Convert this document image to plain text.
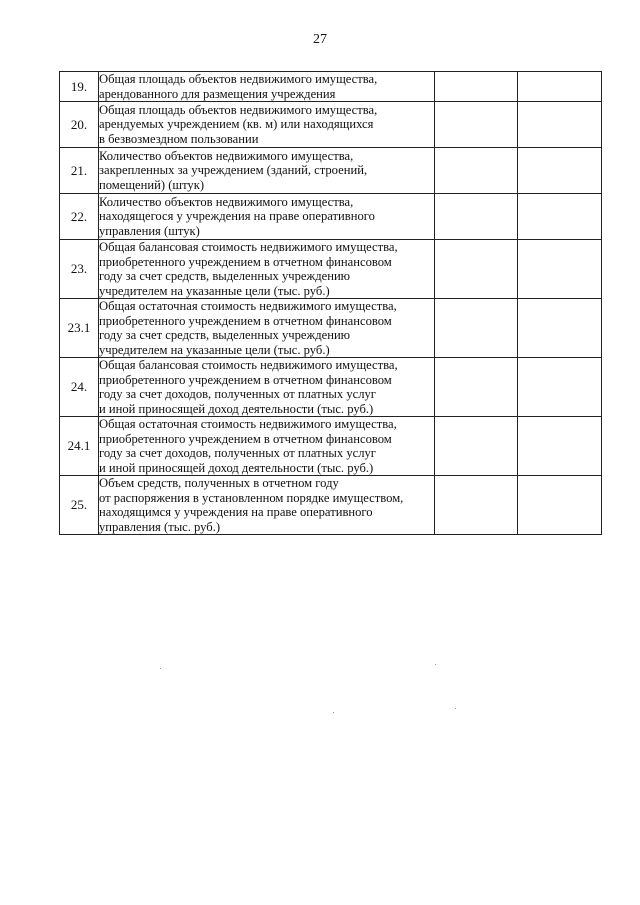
27
19.	Общая площадь объектов недвижимого имущества,
арендованного для размещения учреждения		
20.	Общая площадь объектов недвижимого имущества,
арендуемых учреждением (кв. м) или находящихся
в безвозмездном пользовании		
21.	Количество объектов недвижимого имущества,
закрепленных за учреждением (зданий, строений,
помещений) (штук)		
22.	Количество объектов недвижимого имущества,
находящегося у учреждения на праве оперативного
управления (штук)		
23.	Общая балансовая стоимость недвижимого имущества,
приобретенного учреждением в отчетном финансовом
году за счет средств, выделенных учреждению
учредителем на указанные цели (тыс. руб.)		
23.1	Общая остаточная стоимость недвижимого имущества,
приобретенного учреждением в отчетном финансовом
году за счет средств, выделенных учреждению
учредителем на указанные цели (тыс. руб.)		
24.	Общая балансовая стоимость недвижимого имущества,
приобретенного учреждением в отчетном финансовом
году за счет доходов, полученных от платных услуг
и иной приносящей доход деятельности (тыс. руб.)		
24.1	Общая остаточная стоимость недвижимого имущества,
приобретенного учреждением в отчетном финансовом
году за счет доходов, полученных от платных услуг
и иной приносящей доход деятельности (тыс. руб.)		
25.	Объем средств, полученных в отчетном году
от распоряжения в установленном порядке имуществом,
находящимся у учреждения на праве оперативного
управления (тыс. руб.)		
